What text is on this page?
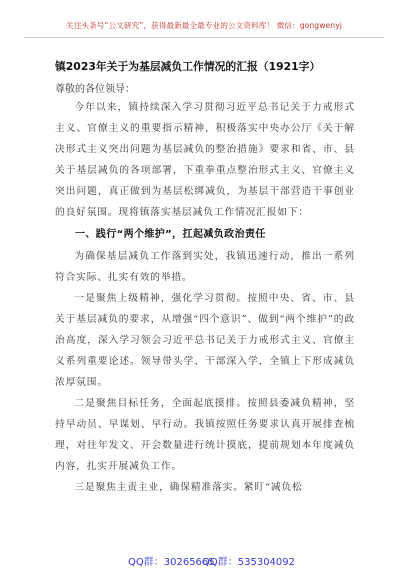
关注头条号“公文研究”，获得最新最全最专业的公文资料库！ 微信：gongwenyj
镇2023年关于为基层减负工作情况的汇报（1921字）
尊敬的各位领导：

今年以来，镇持续深入学习贯彻习近平总书记关于力戒形式主义、官僚主义的重要指示精神，积极落实中央办公厅《关于解决形式主义突出问题为基层减负的整治措施》要求和省、市、县关于基层减负的各项部署，下重拳重点整治形式主义、官僚主义突出问题，真正做到为基层松绑减负，为基层干部营造干事创业的良好氛围。现将镇落实基层减负工作情况汇报如下：

一、践行“两个维护”，扛起减负政治责任

为确保基层减负工作落到实处，我镇迅速行动，推出一系列符合实际、扎实有效的举措。

一是聚焦上级精神，强化学习贯彻。按照中央、省、市、县关于基层减负的要求，从增强“四个意识”、做到“两个维护”的政治高度，深入学习领会习近平总书记关于力戒形式主义、官僚主义系列重要论述。领导带头学、干部深入学，全镇上下形成减负浓厚氛围。

二是聚焦目标任务，全面起底摸排。按照县委减负精神，坚持早动员、早谋划、早行动。我镇按照任务要求认真开展排查梳理，对往年发文、开会数量进行统计摸底，提前规划本年度减负内容，扎实开展减负工作。

三是聚焦主责主业，确保精准落实。紧盯“减负松

QQ群：30265665
QQ群：535304092
